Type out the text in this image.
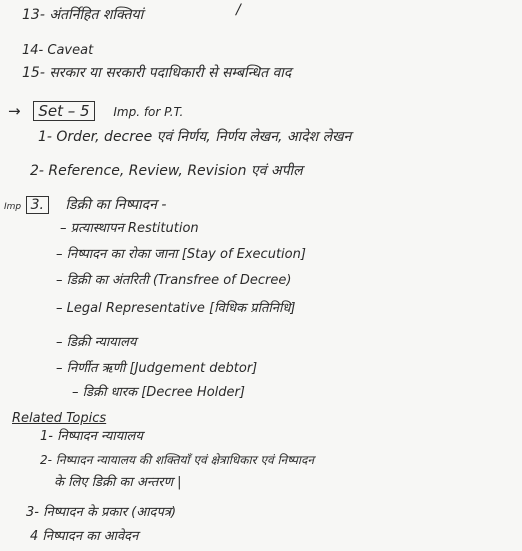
/
13- अंतर्निहित शक्तियां
14- Caveat
15- सरकार या सरकारी पदाधिकारी से सम्बन्धित वाद
→ Set – 5 Imp. for P.T.
1- Order, decree एवं निर्णय, निर्णय लेखन, आदेश लेखन
2- Reference, Review, Revision एवं अपील
Imp 3. डिक्री का निष्पादन -
– प्रत्यास्थापन Restitution
– निष्पादन का रोका जाना [Stay of Execution]
– डिक्री का अंतरिती (Transfree of Decree)
– Legal Representative [विधिक प्रतिनिधि]
– डिक्री न्यायालय
– निर्णीत ऋणी [Judgement debtor]
– डिक्री धारक [Decree Holder]
Related Topics
1- निष्पादन न्यायालय
2- निष्पादन न्यायालय की शक्तियाँ एवं क्षेत्राधिकार एवं निष्पादन
के लिए डिक्री का अन्तरण |
3- निष्पादन के प्रकार (आदपत्र)
4 निष्पादन का आवेदन
